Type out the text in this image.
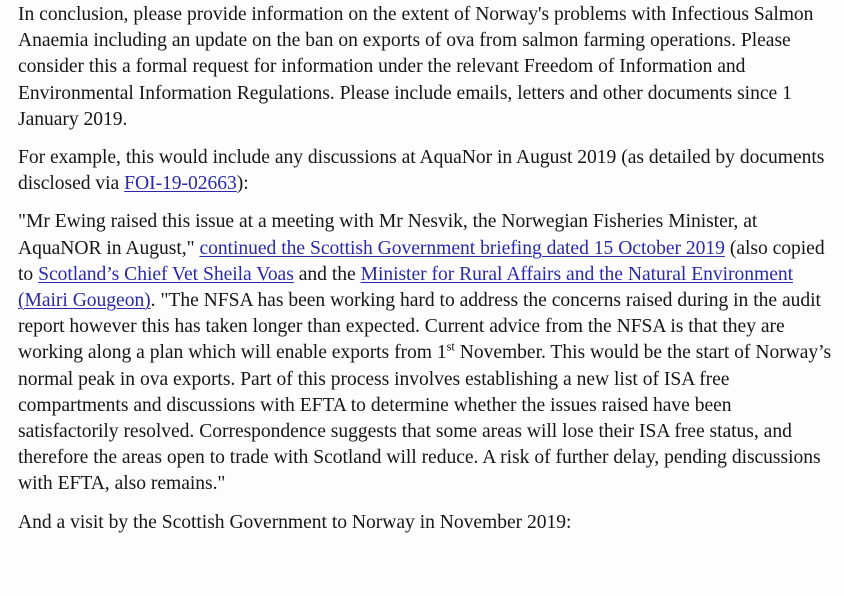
In conclusion, please provide information on the extent of Norway's problems with Infectious Salmon Anaemia including an update on the ban on exports of ova from salmon farming operations. Please consider this a formal request for information under the relevant Freedom of Information and Environmental Information Regulations. Please include emails, letters and other documents since 1 January 2019.

For example, this would include any discussions at AquaNor in August 2019 (as detailed by documents disclosed via FOI-19-02663):

"Mr Ewing raised this issue at a meeting with Mr Nesvik, the Norwegian Fisheries Minister, at AquaNOR in August," continued the Scottish Government briefing dated 15 October 2019 (also copied to Scotland’s Chief Vet Sheila Voas and the Minister for Rural Affairs and the Natural Environment (Mairi Gougeon). "The NFSA has been working hard to address the concerns raised during in the audit report however this has taken longer than expected. Current advice from the NFSA is that they are working along a plan which will enable exports from 1st November. This would be the start of Norway’s normal peak in ova exports. Part of this process involves establishing a new list of ISA free compartments and discussions with EFTA to determine whether the issues raised have been satisfactorily resolved. Correspondence suggests that some areas will lose their ISA free status, and therefore the areas open to trade with Scotland will reduce. A risk of further delay, pending discussions with EFTA, also remains."

And a visit by the Scottish Government to Norway in November 2019:
